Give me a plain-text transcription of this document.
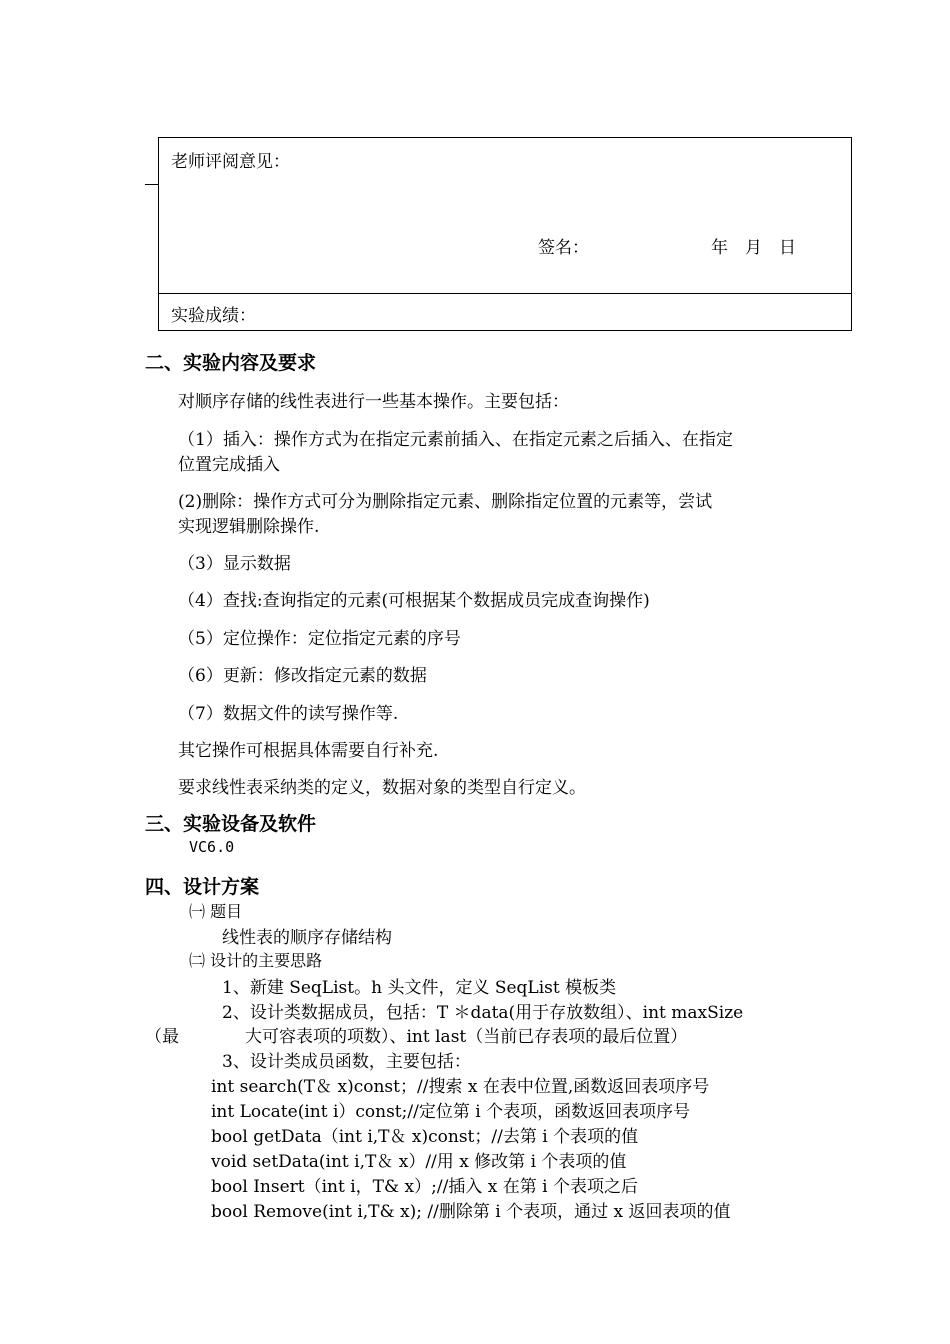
老师评阅意见：
签名：	年　月　日
实验成绩：
二、实验内容及要求
对顺序存储的线性表进行一些基本操作。主要包括：
（1）插入：操作方式为在指定元素前插入、在指定元素之后插入、在指定
位置完成插入
(2)删除：操作方式可分为删除指定元素、删除指定位置的元素等，尝试
实现逻辑删除操作.
（3）显示数据
（4）查找:查询指定的元素(可根据某个数据成员完成查询操作)
（5）定位操作：定位指定元素的序号
（6）更新：修改指定元素的数据
（7）数据文件的读写操作等.
其它操作可根据具体需要自行补充.
要求线性表采纳类的定义，数据对象的类型自行定义。
三、实验设备及软件
VC6.0
四、设计方案
㈠ 题目
线性表的顺序存储结构
㈡ 设计的主要思路
1、新建 SeqList。h 头文件，定义 SeqList 模板类
2、设计类数据成员，包括：T ＊data(用于存放数组）、int maxSize
（最	大可容表项的项数）、int last（当前已存表项的最后位置）
3、设计类成员函数，主要包括：
int search(T＆ x)const；//搜索 x 在表中位置,函数返回表项序号
int Locate(int i）const;//定位第 i 个表项，函数返回表项序号
bool getData（int i,T＆ x)const；//去第 i 个表项的值
void setData(int i,T＆ x）//用 x 修改第 i 个表项的值
bool Insert（int i，T& x）;//插入 x 在第 i 个表项之后
bool Remove(int i,T& x); //删除第 i 个表项，通过 x 返回表项的值
